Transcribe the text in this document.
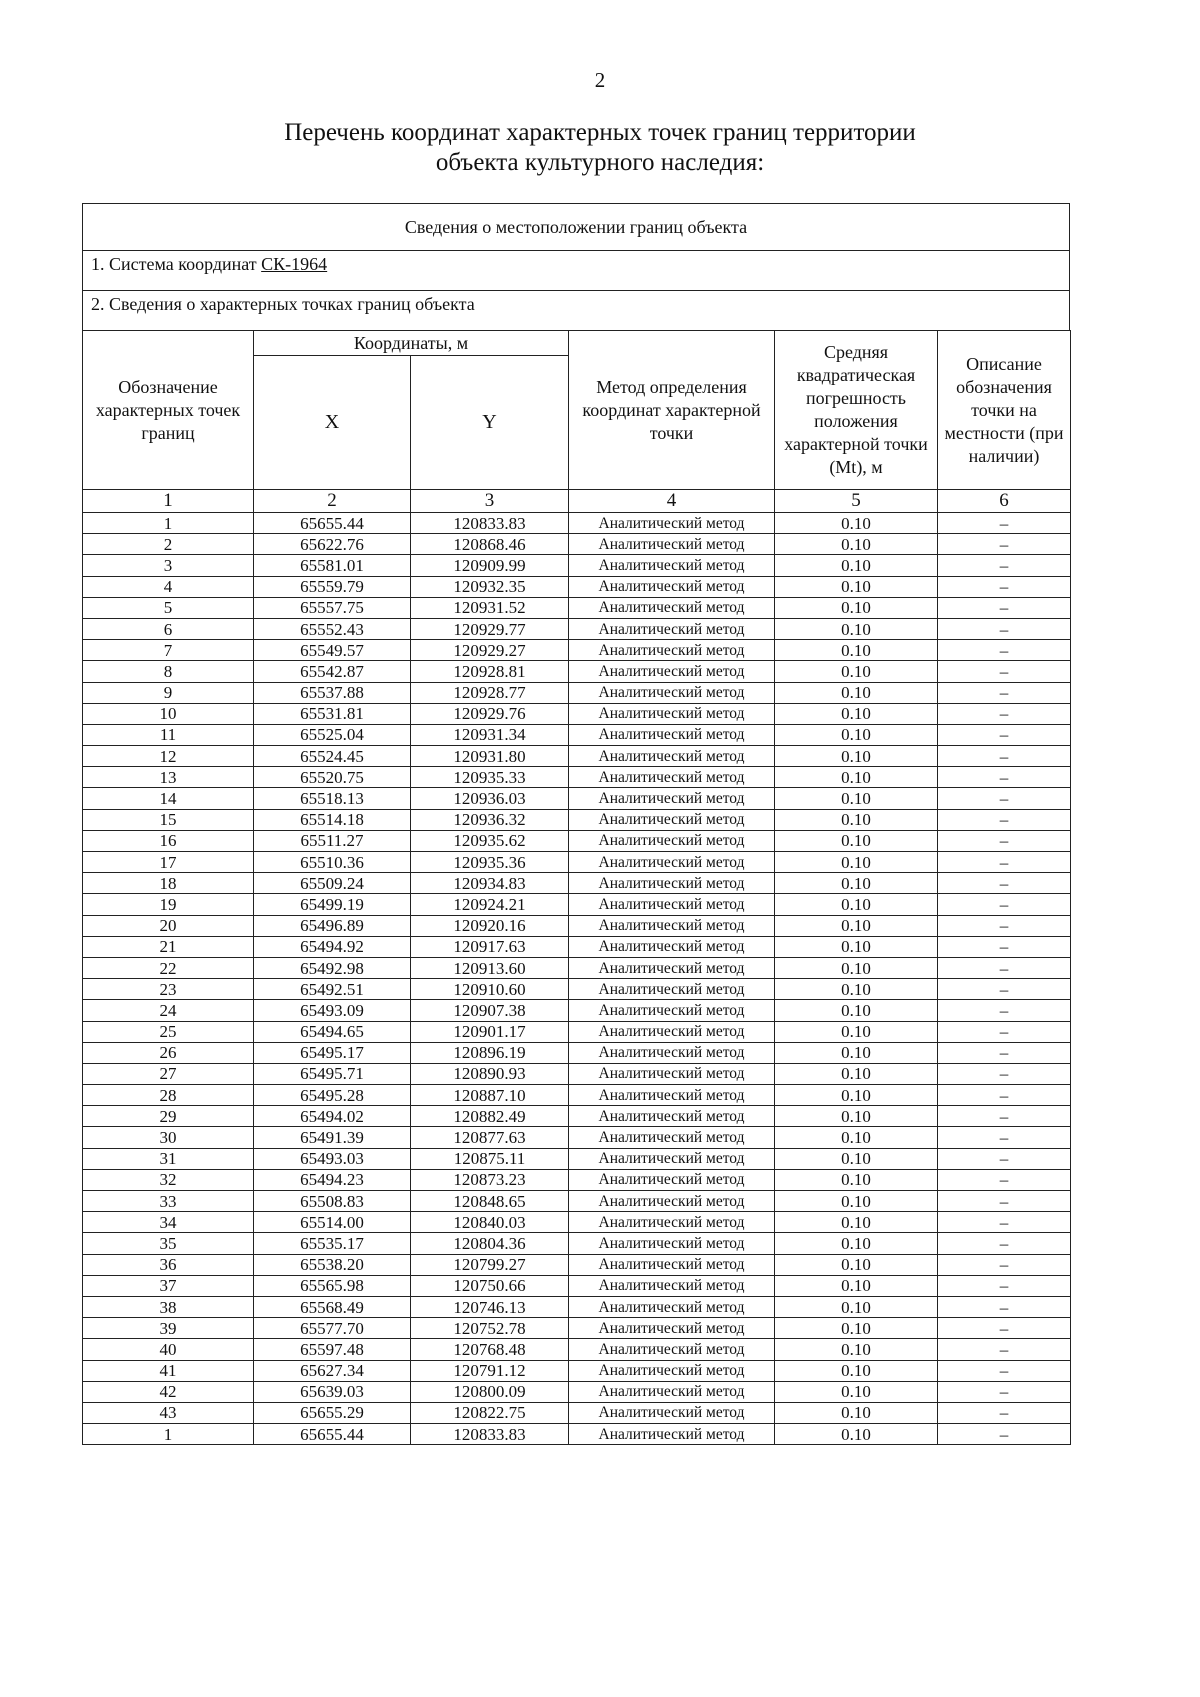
2
Перечень координат характерных точек границ территории
объекта культурного наследия:
Сведения о местоположении границ объекта
1. Система координат СК-1964
2. Сведения о характерных точках границ объекта
Обозначение характерных точек границ	Координаты, м		Метод определения координат характерной точки	Средняя квадратическая погрешность положения характерной точки (Mt), м	Описание обозначения точки на местности (при наличии)
	X	Y			
1	2	3	4	5	6
1	65655.44	120833.83	Аналитический метод	0.10	–
2	65622.76	120868.46	Аналитический метод	0.10	–
3	65581.01	120909.99	Аналитический метод	0.10	–
4	65559.79	120932.35	Аналитический метод	0.10	–
5	65557.75	120931.52	Аналитический метод	0.10	–
6	65552.43	120929.77	Аналитический метод	0.10	–
7	65549.57	120929.27	Аналитический метод	0.10	–
8	65542.87	120928.81	Аналитический метод	0.10	–
9	65537.88	120928.77	Аналитический метод	0.10	–
10	65531.81	120929.76	Аналитический метод	0.10	–
11	65525.04	120931.34	Аналитический метод	0.10	–
12	65524.45	120931.80	Аналитический метод	0.10	–
13	65520.75	120935.33	Аналитический метод	0.10	–
14	65518.13	120936.03	Аналитический метод	0.10	–
15	65514.18	120936.32	Аналитический метод	0.10	–
16	65511.27	120935.62	Аналитический метод	0.10	–
17	65510.36	120935.36	Аналитический метод	0.10	–
18	65509.24	120934.83	Аналитический метод	0.10	–
19	65499.19	120924.21	Аналитический метод	0.10	–
20	65496.89	120920.16	Аналитический метод	0.10	–
21	65494.92	120917.63	Аналитический метод	0.10	–
22	65492.98	120913.60	Аналитический метод	0.10	–
23	65492.51	120910.60	Аналитический метод	0.10	–
24	65493.09	120907.38	Аналитический метод	0.10	–
25	65494.65	120901.17	Аналитический метод	0.10	–
26	65495.17	120896.19	Аналитический метод	0.10	–
27	65495.71	120890.93	Аналитический метод	0.10	–
28	65495.28	120887.10	Аналитический метод	0.10	–
29	65494.02	120882.49	Аналитический метод	0.10	–
30	65491.39	120877.63	Аналитический метод	0.10	–
31	65493.03	120875.11	Аналитический метод	0.10	–
32	65494.23	120873.23	Аналитический метод	0.10	–
33	65508.83	120848.65	Аналитический метод	0.10	–
34	65514.00	120840.03	Аналитический метод	0.10	–
35	65535.17	120804.36	Аналитический метод	0.10	–
36	65538.20	120799.27	Аналитический метод	0.10	–
37	65565.98	120750.66	Аналитический метод	0.10	–
38	65568.49	120746.13	Аналитический метод	0.10	–
39	65577.70	120752.78	Аналитический метод	0.10	–
40	65597.48	120768.48	Аналитический метод	0.10	–
41	65627.34	120791.12	Аналитический метод	0.10	–
42	65639.03	120800.09	Аналитический метод	0.10	–
43	65655.29	120822.75	Аналитический метод	0.10	–
1	65655.44	120833.83	Аналитический метод	0.10	–
